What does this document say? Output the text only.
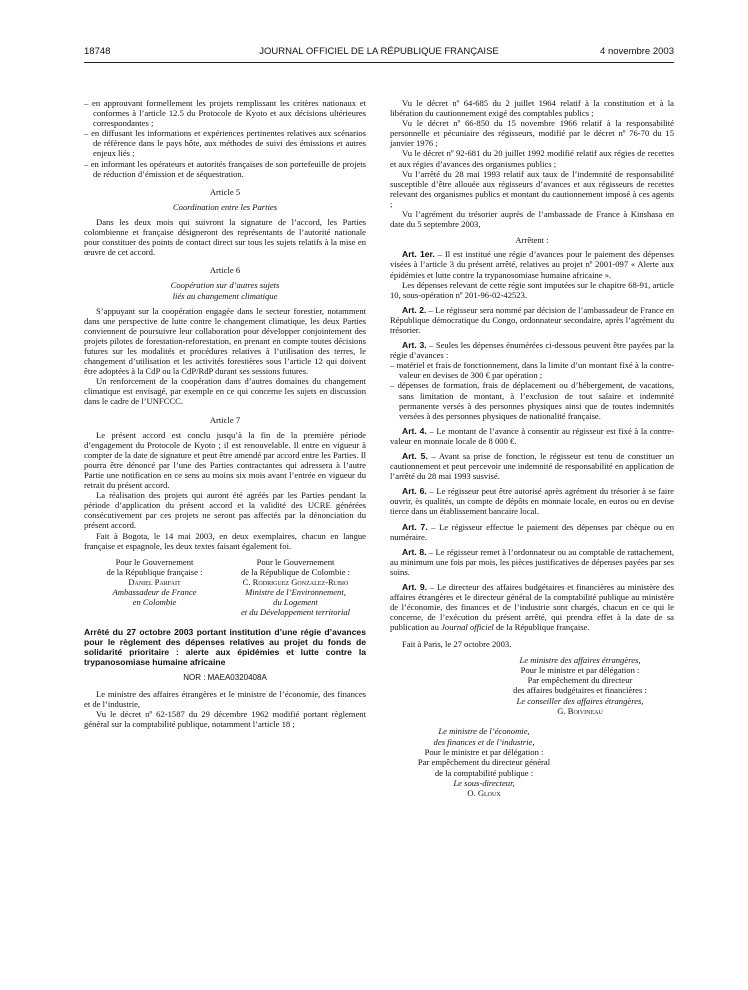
18748	JOURNAL OFFICIEL DE LA RÉPUBLIQUE FRANÇAISE	4 novembre 2003

– en approuvant formellement les projets remplissant les critères nationaux et conformes à l’article 12.5 du Protocole de Kyoto et aux décisions ultérieures correspondantes ;

– en diffusant les informations et expériences pertinentes relatives aux scénarios de référence dans le pays hôte, aux méthodes de suivi des émissions et autres enjeux liés ;

– en informant les opérateurs et autorités françaises de son portefeuille de projets de réduction d’émission et de séquestration.

Article 5

Coordination entre les Parties

Dans les deux mois qui suivront la signature de l’accord, les Parties colombienne et française désigneront des représentants de l’autorité nationale pour constituer des points de contact direct sur tous les sujets relatifs à la mise en œuvre de cet accord.

Article 6

Coopération sur d’autres sujets

liés au changement climatique

S’appuyant sur la coopération engagée dans le secteur forestier, notamment dans une perspective de lutte contre le changement climatique, les deux Parties conviennent de poursuivre leur collaboration pour développer conjointement des projets pilotes de forestation-reforestation, en prenant en compte toutes décisions futures sur les modalités et procédures relatives à l’utilisation des terres, le changement d’utilisation et les activités forestières sous l’article 12 qui doivent être adoptées à la CdP ou la CdP/RdP durant ses sessions futures.

Un renforcement de la coopération dans d’autres domaines du changement climatique est envisagé, par exemple en ce qui concerne les sujets en discussion dans le cadre de l’UNFCCC.

Article 7

Le présent accord est conclu jusqu’à la fin de la première période d’engagement du Protocole de Kyoto ; il est renouvelable. Il entre en vigueur à compter de la date de signature et peut être amendé par accord entre les Parties. Il pourra être dénoncé par l’une des Parties contractantes qui adressera à l’autre Partie une notification en ce sens au moins six mois avant l’entrée en vigueur du retrait du présent accord.

La réalisation des projets qui auront été agréés par les Parties pendant la période d’application du présent accord et la validité des UCRE générées consécutivement par ces projets ne seront pas affectés par la dénonciation du présent accord.

Fait à Bogota, le 14 mai 2003, en deux exemplaires, chacun en langue française et espagnole, les deux textes faisant également foi.

Pour le Gouvernement
de la République française :
Daniel Parfait
Ambassadeur de France
en Colombie
Pour le Gouvernement
de la République de Colombie :
C. Rodriguez Gonzalez-Rubio
Ministre de l’Environnement,
du Logement
et du Développement territorial

Arrêté du 27 octobre 2003 portant institution d’une régie d’avances pour le règlement des dépenses relatives au projet du fonds de solidarité prioritaire : alerte aux épidémies et lutte contre la trypanosomiase humaine africaine

NOR : MAEA0320408A

Le ministre des affaires étrangères et le ministre de l’économie, des finances et de l’industrie,

Vu le décret nº 62-1587 du 29 décembre 1962 modifié portant règlement général sur la comptabilité publique, notamment l’article 18 ;

Vu le décret nº 64-685 du 2 juillet 1964 relatif à la constitution et à la libération du cautionnement exigé des comptables publics ;

Vu le décret nº 66-850 du 15 novembre 1966 relatif à la responsabilité personnelle et pécuniaire des régisseurs, modifié par le décret nº 76-70 du 15 janvier 1976 ;

Vu le décret nº 92-681 du 20 juillet 1992 modifié relatif aux régies de recettes et aux régies d’avances des organismes publics ;

Vu l’arrêté du 28 mai 1993 relatif aux taux de l’indemnité de responsabilité susceptible d’être allouée aux régisseurs d’avances et aux régisseurs de recettes relevant des organismes publics et montant du cautionnement imposé à ces agents ;

Vu l’agrément du trésorier auprès de l’ambassade de France à Kinshasa en date du 5 septembre 2003,

Arrêtent :

Art. 1er. – Il est institué une régie d’avances pour le paiement des dépenses visées à l’article 3 du présent arrêté, relatives au projet nº 2001-097 « Alerte aux épidémies et lutte contre la trypanosomiase humaine africaine ».

Les dépenses relevant de cette régie sont imputées sur le chapitre 68-91, article 10, sous-opération nº 201-96-02-42523.

Art. 2. – Le régisseur sera nommé par décision de l’ambassadeur de France en République démocratique du Congo, ordonnateur secondaire, après l’agrément du trésorier.

Art. 3. – Seules les dépenses énumérées ci-dessous peuvent être payées par la régie d’avances :

– matériel et frais de fonctionnement, dans la limite d’un montant fixé à la contre-valeur en devises de 300 € par opération ;

– dépenses de formation, frais de déplacement ou d’hébergement, de vacations, sans limitation de montant, à l’exclusion de tout salaire et indemnité permanente versés à des personnes physiques ainsi que de toutes indemnités versées à des personnes physiques de nationalité française.

Art. 4. – Le montant de l’avance à consentir au régisseur est fixé à la contre-valeur en monnaie locale de 8 000 €.

Art. 5. – Avant sa prise de fonction, le régisseur est tenu de constituer un cautionnement et peut percevoir une indemnité de responsabilité en application de l’arrêté du 28 mai 1993 susvisé.

Art. 6. – Le régisseur peut être autorisé après agrément du trésorier à se faire ouvrir, ès qualités, un compte de dépôts en monnaie locale, en euros ou en devise tierce dans un établissement bancaire local.

Art. 7. – Le régisseur effectue le paiement des dépenses par chèque ou en numéraire.

Art. 8. – Le régisseur remet à l’ordonnateur ou au comptable de rattachement, au minimum une fois par mois, les pièces justificatives de dépenses payées par ses soins.

Art. 9. – Le directeur des affaires budgétaires et financières au ministère des affaires étrangères et le directeur général de la comptabilité publique au ministère de l’économie, des finances et de l’industrie sont chargés, chacun en ce qui le concerne, de l’exécution du présent arrêté, qui prendra effet à la date de sa publication au Journal officiel de la République française.

Fait à Paris, le 27 octobre 2003.

Le ministre des affaires étrangères,
Pour le ministre et par délégation :
Par empêchement du directeur
des affaires budgétaires et financières :
Le conseiller des affaires étrangères,
G. Boivineau
Le ministre de l’économie,
des finances et de l’industrie,
Pour le ministre et par délégation :
Par empêchement du directeur général
de la comptabilité publique :
Le sous-directeur,
O. Gloux
